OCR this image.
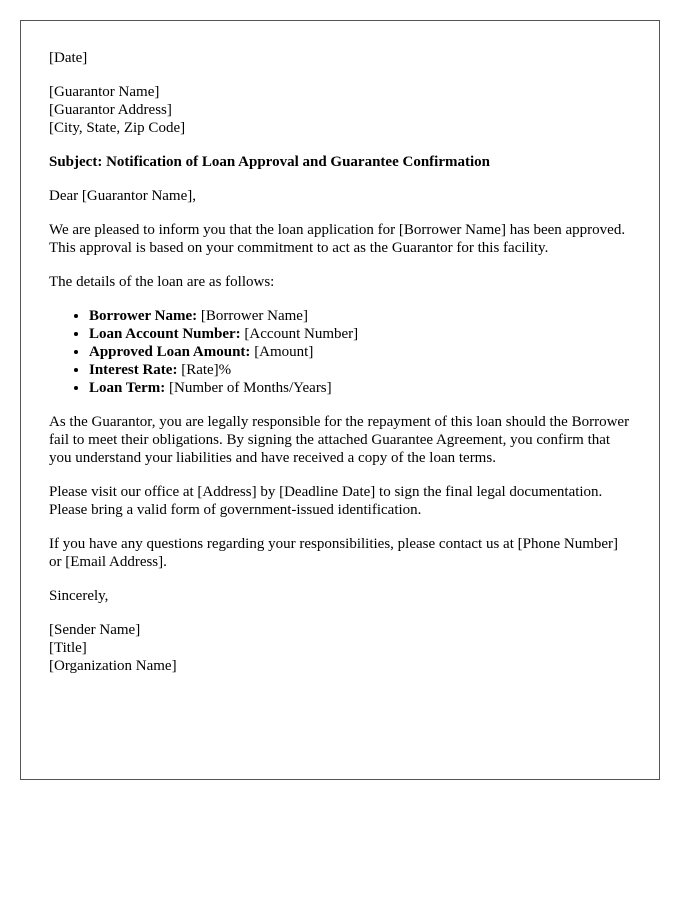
[Date]

[Guarantor Name]
[Guarantor Address]
[City, State, Zip Code]

Subject: Notification of Loan Approval and Guarantee Confirmation

Dear [Guarantor Name],

We are pleased to inform you that the loan application for [Borrower Name] has been approved. This approval is based on your commitment to act as the Guarantor for this facility.

The details of the loan are as follows:

• Borrower Name: [Borrower Name]
• Loan Account Number: [Account Number]
• Approved Loan Amount: [Amount]
• Interest Rate: [Rate]%
• Loan Term: [Number of Months/Years]

As the Guarantor, you are legally responsible for the repayment of this loan should the Borrower fail to meet their obligations. By signing the attached Guarantee Agreement, you confirm that you understand your liabilities and have received a copy of the loan terms.

Please visit our office at [Address] by [Deadline Date] to sign the final legal documentation. Please bring a valid form of government-issued identification.

If you have any questions regarding your responsibilities, please contact us at [Phone Number] or [Email Address].

Sincerely,

[Sender Name]
[Title]
[Organization Name]
